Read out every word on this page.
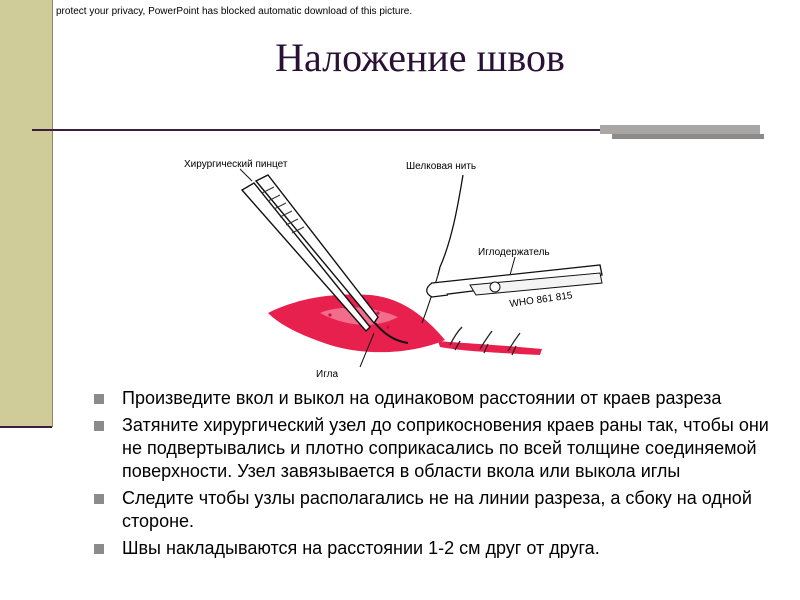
protect your privacy, PowerPoint has blocked automatic download of this picture.
Наложение швов
Хирургический пинцет	Шелковая нить
Иглодержатель
WHO 861 815
Игла
Произведите вкол и выкол на одинаковом расстоянии от краев разреза
Затяните хирургический узел до соприкосновения краев раны так, чтобы они не подвертывались и плотно соприкасались по всей толщине соединяемой поверхности. Узел завязывается в области вкола или выкола иглы
Следите чтобы узлы располагались не на линии разреза, а сбоку на одной стороне.
Швы накладываются на расстоянии 1-2 см друг от друга.
